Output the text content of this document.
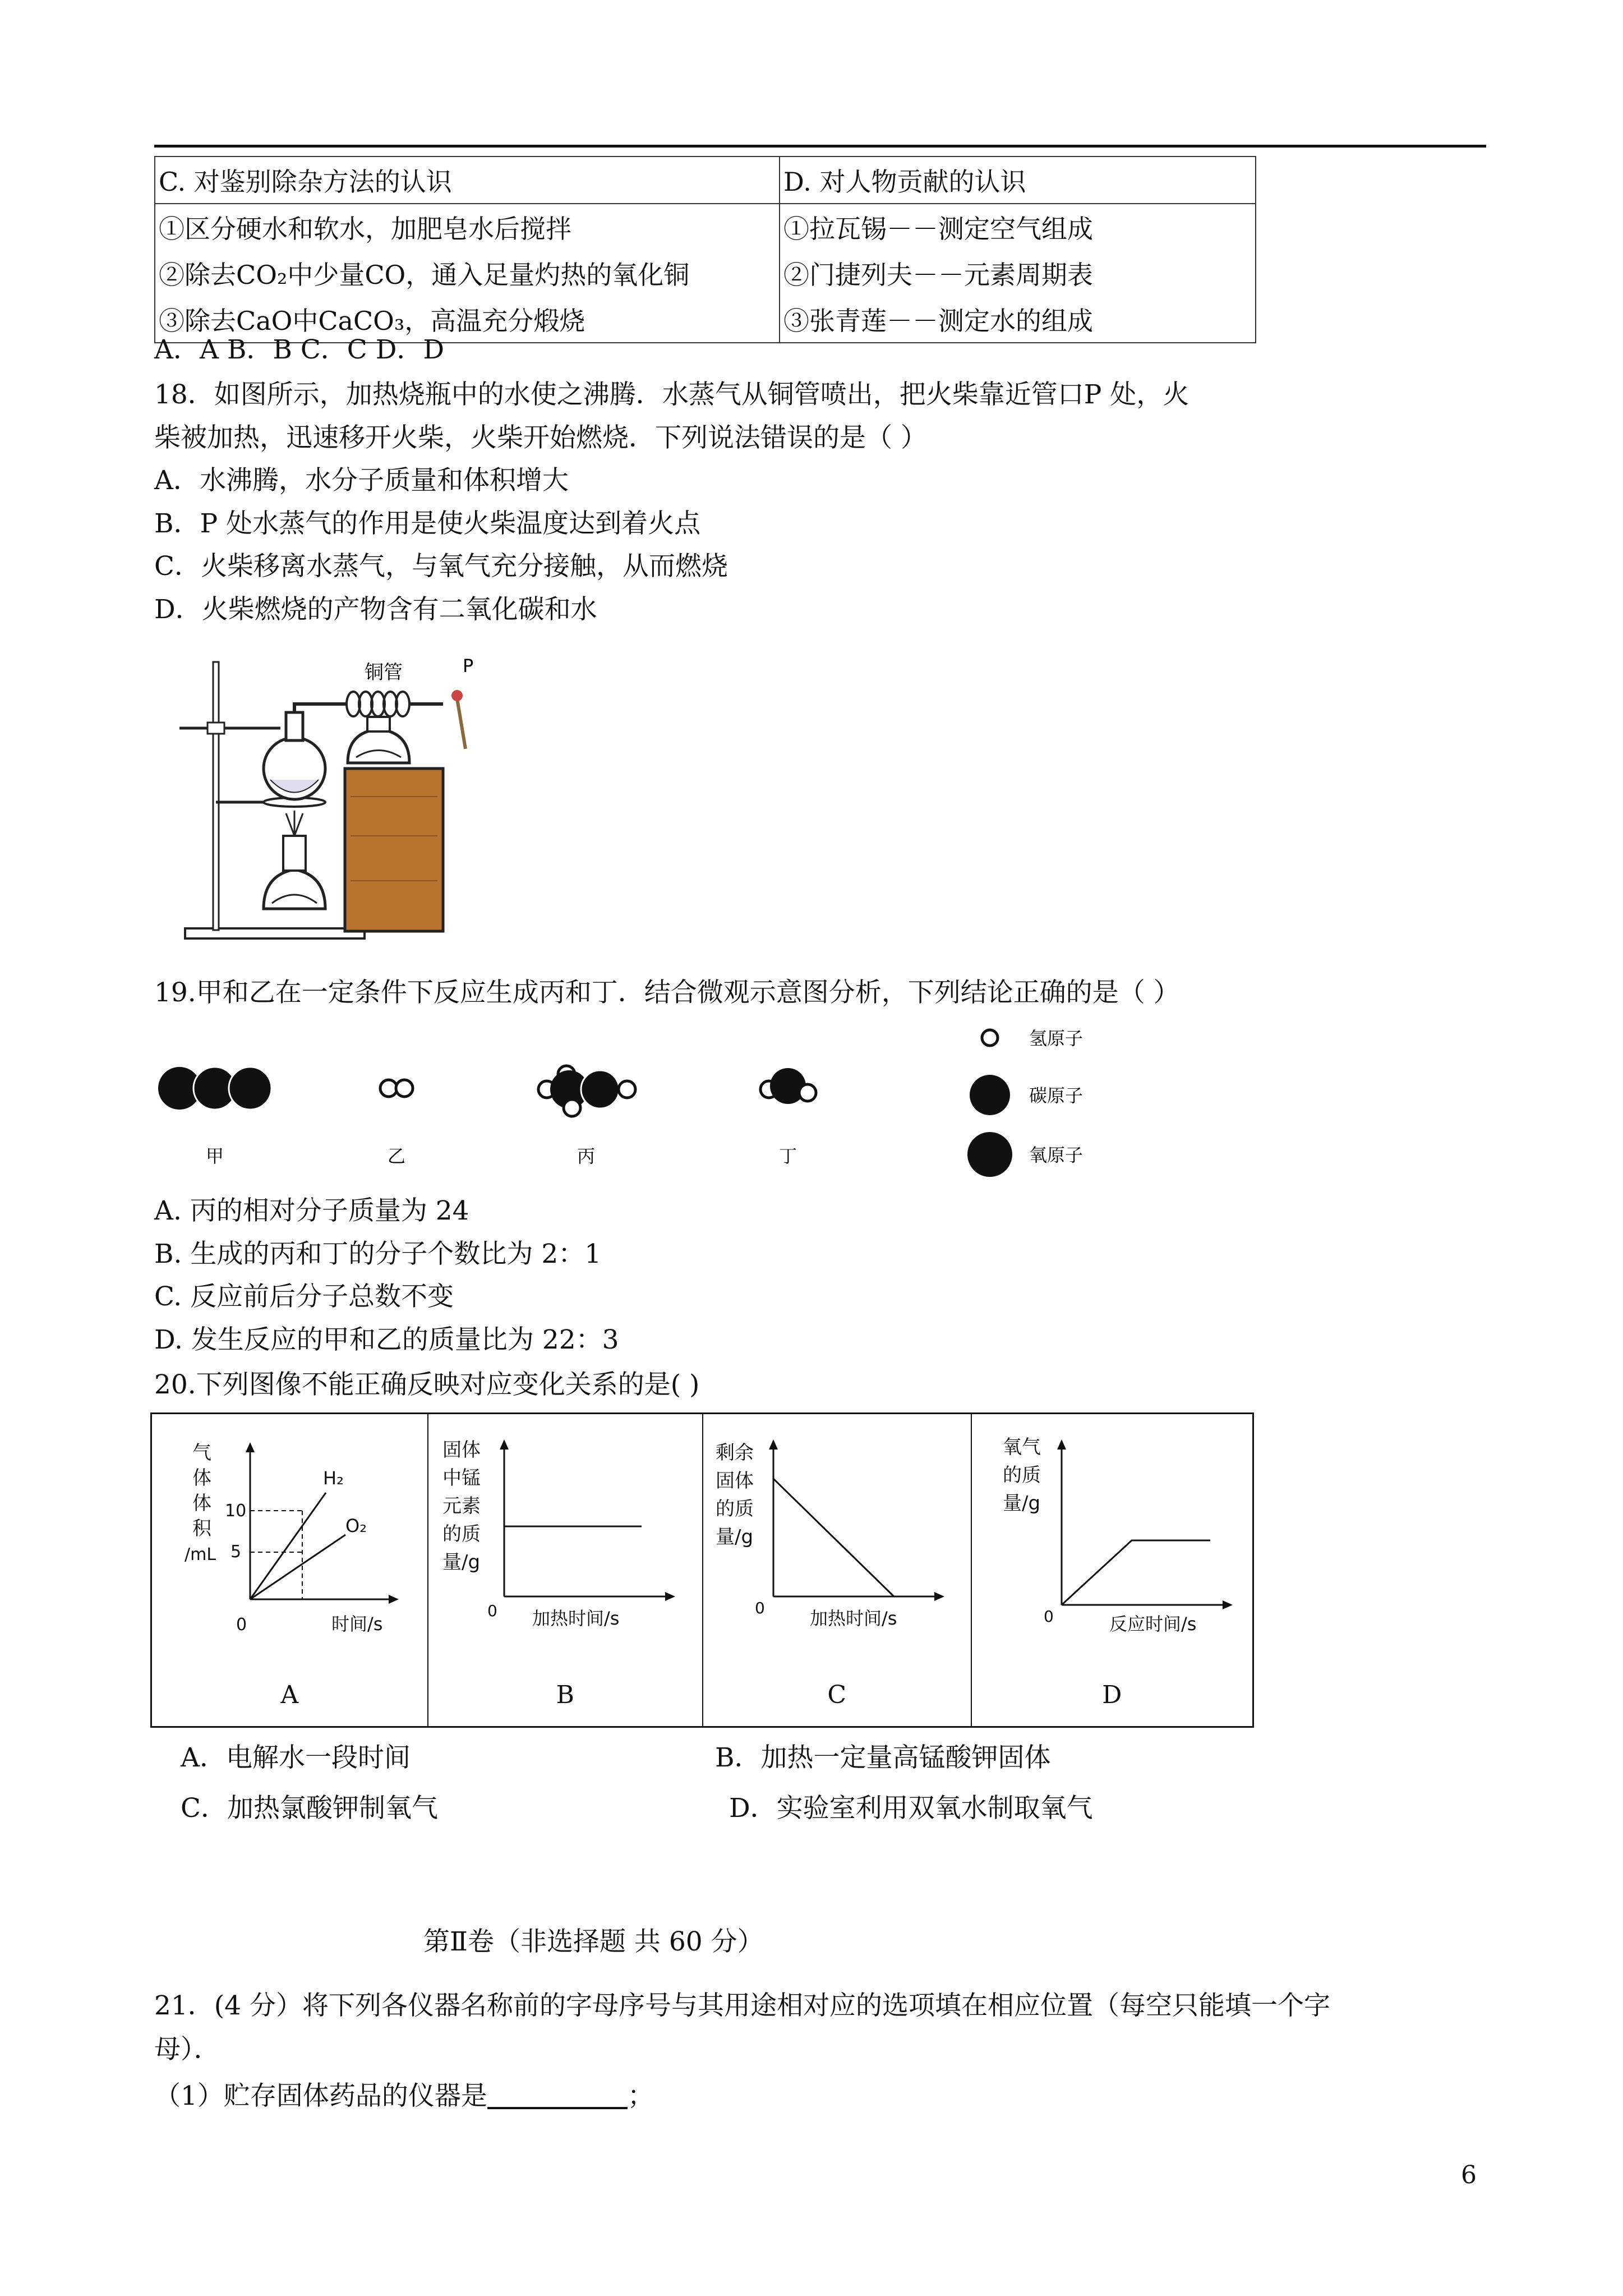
C. 对鉴别除杂方法的认识	D. 对人物贡献的认识
①区分硬水和软水，加肥皂水后搅拌	①拉瓦锡－－测定空气组成
②除去CO₂中少量CO，通入足量灼热的氧化铜	②门捷列夫－－元素周期表
③除去CaO中CaCO₃，高温充分煅烧	③张青莲－－测定水的组成
A．A B．B C．C D．D
18．如图所示，加热烧瓶中的水使之沸腾．水蒸气从铜管喷出，把火柴靠近管口P 处，火
柴被加热，迅速移开火柴，火柴开始燃烧．下列说法错误的是（ ）
A．水沸腾，水分子质量和体积增大
B．P 处水蒸气的作用是使火柴温度达到着火点
C．火柴移离水蒸气，与氧气充分接触，从而燃烧
D．火柴燃烧的产物含有二氧化碳和水
铜管	P
19.甲和乙在一定条件下反应生成丙和丁．结合微观示意图分析，下列结论正确的是（ ）
甲	乙	丙	丁
氢原子
碳原子
氧原子
A. 丙的相对分子质量为 24
B. 生成的丙和丁的分子个数比为 2：1
C. 反应前后分子总数不变
D. 发生反应的甲和乙的质量比为 22：3
20.下列图像不能正确反映对应变化关系的是( )
气
体
体
积
/mL
0	时间/s
10
5
H₂
O₂
A
固体
中锰
元素
的质
量/g
0 加热时间/s
B
剩余
固体
的质
量/g
0	加热时间/s
C
氧气
的质
量/g
0	反应时间/s
D
A．电解水一段时间	B．加热一定量高锰酸钾固体
C．加热氯酸钾制氧气	D．实验室利用双氧水制取氧气
第Ⅱ卷（非选择题 共 60 分）
21．(4 分）将下列各仪器名称前的字母序号与其用途相对应的选项填在相应位置（每空只能填一个字
母）．
（1）贮存固体药品的仪器是	；
6
